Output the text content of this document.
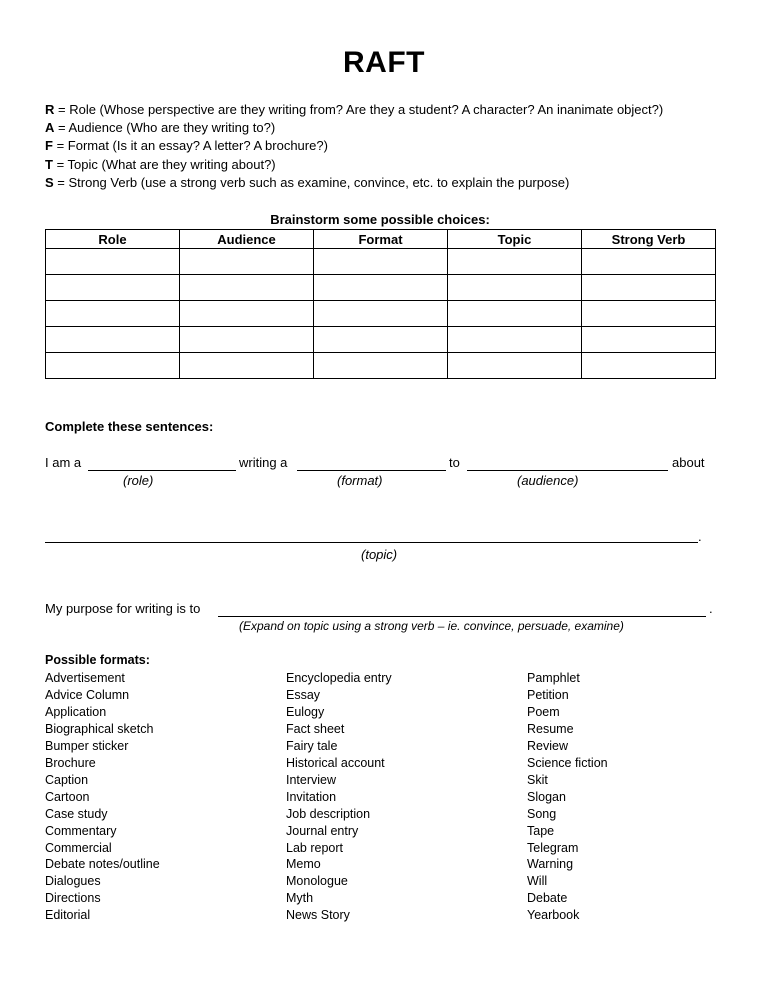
RAFT
R = Role (Whose perspective are they writing from? Are they a student? A character? An inanimate object?)
A = Audience (Who are they writing to?)
F = Format (Is it an essay? A letter? A brochure?)
T = Topic (What are they writing about?)
S = Strong Verb (use a strong verb such as examine, convince, etc. to explain the purpose)
Brainstorm some possible choices:
Role	Audience	Format	Topic	Strong Verb

Complete these sentences:
I am a	writing a	to	about
(role)	(format)	(audience)
.
(topic)
My purpose for writing is to	.
(Expand on topic using a strong verb – ie. convince, persuade, examine)
Possible formats:
Advertisement
Advice Column
Application
Biographical sketch
Bumper sticker
Brochure
Caption
Cartoon
Case study
Commentary
Commercial
Debate notes/outline
Dialogues
Directions
Editorial
Encyclopedia entry
Essay
Eulogy
Fact sheet
Fairy tale
Historical account
Interview
Invitation
Job description
Journal entry
Lab report
Memo
Monologue
Myth
News Story
Pamphlet
Petition
Poem
Resume
Review
Science fiction
Skit
Slogan
Song
Tape
Telegram
Warning
Will
Debate
Yearbook
